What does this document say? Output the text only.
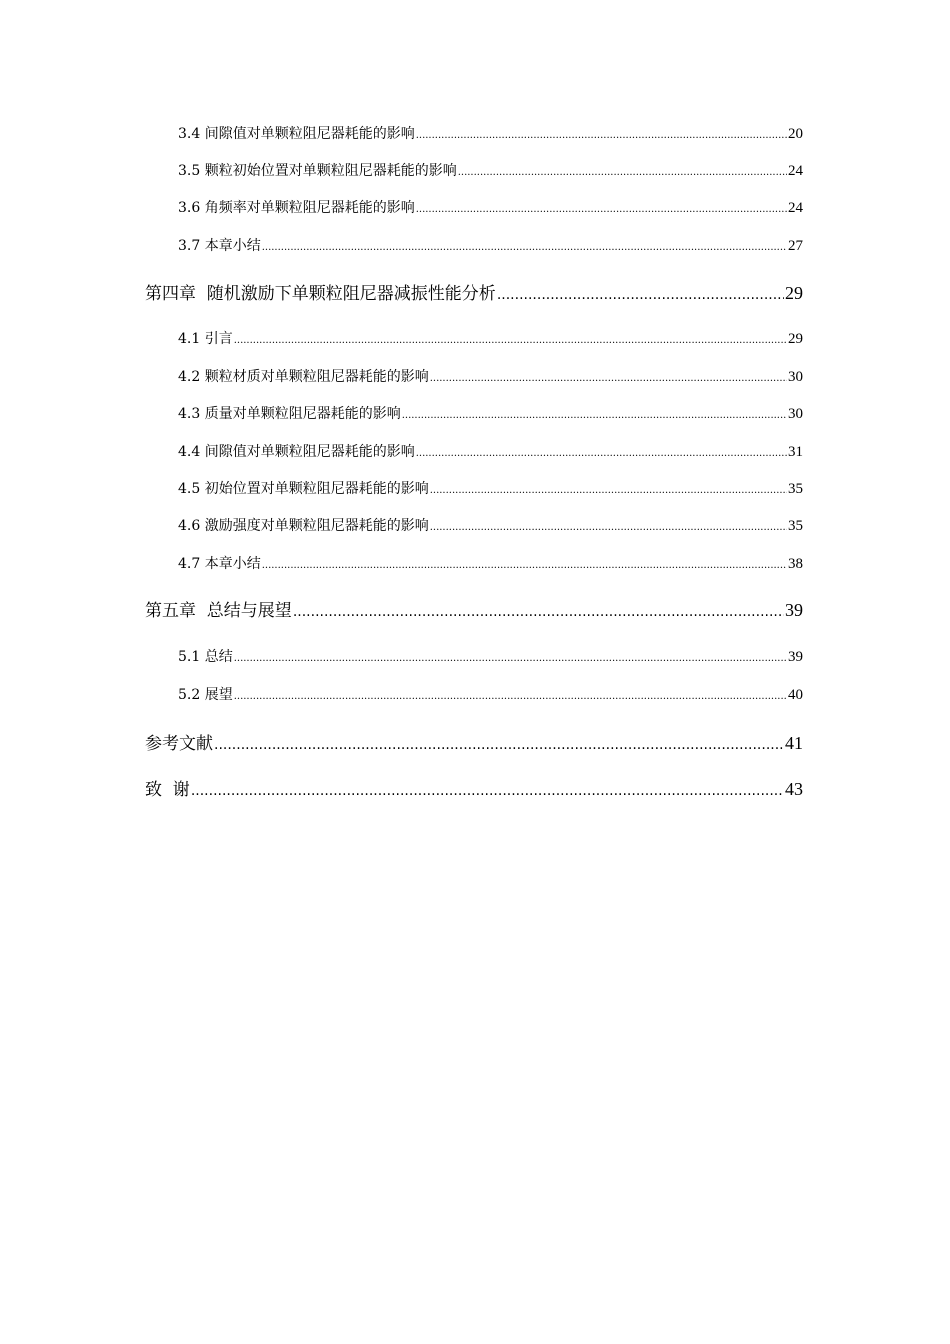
3.4 间隙值对单颗粒阻尼器耗能的影响 .....	20
3.5 颗粒初始位置对单颗粒阻尼器耗能的影响 .....	24
3.6 角频率对单颗粒阻尼器耗能的影响 .....	24
3.7 本章小结 .....	27
第四章  随机激励下单颗粒阻尼器减振性能分析 .....	29
4.1 引言 .....	29
4.2 颗粒材质对单颗粒阻尼器耗能的影响 .....	30
4.3 质量对单颗粒阻尼器耗能的影响 .....	30
4.4 间隙值对单颗粒阻尼器耗能的影响 .....	31
4.5 初始位置对单颗粒阻尼器耗能的影响 .....	35
4.6 激励强度对单颗粒阻尼器耗能的影响 .....	35
4.7 本章小结 .....	38
第五章  总结与展望 .....	39
5.1 总结 .....	39
5.2 展望 .....	40
参考文献 .....	41
致  谢 .....	43
